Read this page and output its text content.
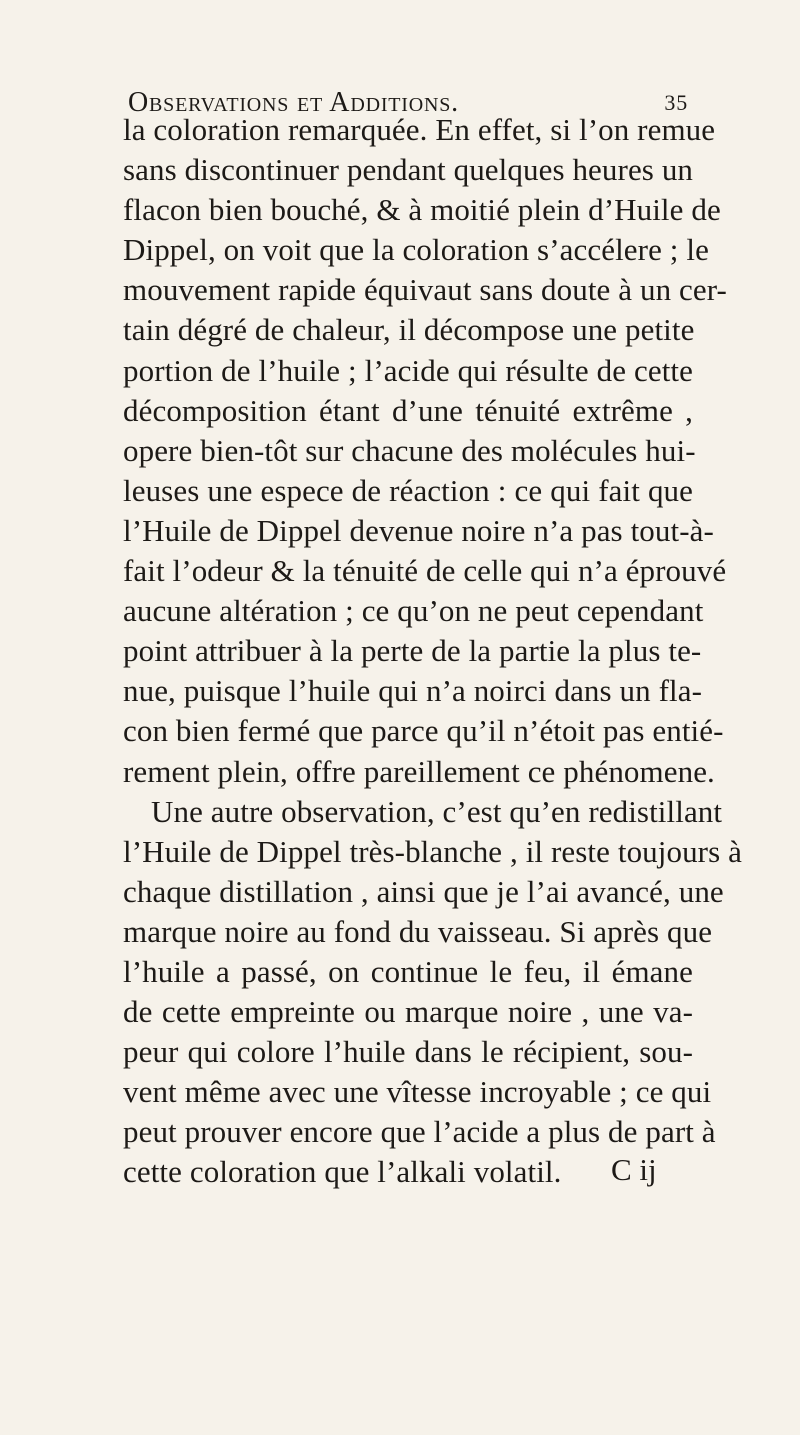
Observations et Additions.	35
la coloration remarquée. En effet, si l’on remue
sans discontinuer pendant quelques heures un
flacon bien bouché, & à moitié plein d’Huile de
Dippel, on voit que la coloration s’accélere ; le
mouvement rapide équivaut sans doute à un cer-
tain dégré de chaleur, il décompose une petite
portion de l’huile ; l’acide qui résulte de cette
décomposition étant d’une ténuité extrême ,
opere bien-tôt sur chacune des molécules hui-
leuses une espece de réaction : ce qui fait que
l’Huile de Dippel devenue noire n’a pas tout-à-
fait l’odeur & la ténuité de celle qui n’a éprouvé
aucune altération ; ce qu’on ne peut cependant
point attribuer à la perte de la partie la plus te-
nue, puisque l’huile qui n’a noirci dans un fla-
con bien fermé que parce qu’il n’étoit pas entié-
rement plein, offre pareillement ce phénomene.
Une autre observation, c’est qu’en redistillant
l’Huile de Dippel très-blanche , il reste toujours à
chaque distillation , ainsi que je l’ai avancé, une
marque noire au fond du vaisseau. Si après que
l’huile a passé, on continue le feu, il émane
de cette empreinte ou marque noire , une va-
peur qui colore l’huile dans le récipient, sou-
vent même avec une vîtesse incroyable ; ce qui
peut prouver encore que l’acide a plus de part à
cette coloration que l’alkali volatil.	C ij
